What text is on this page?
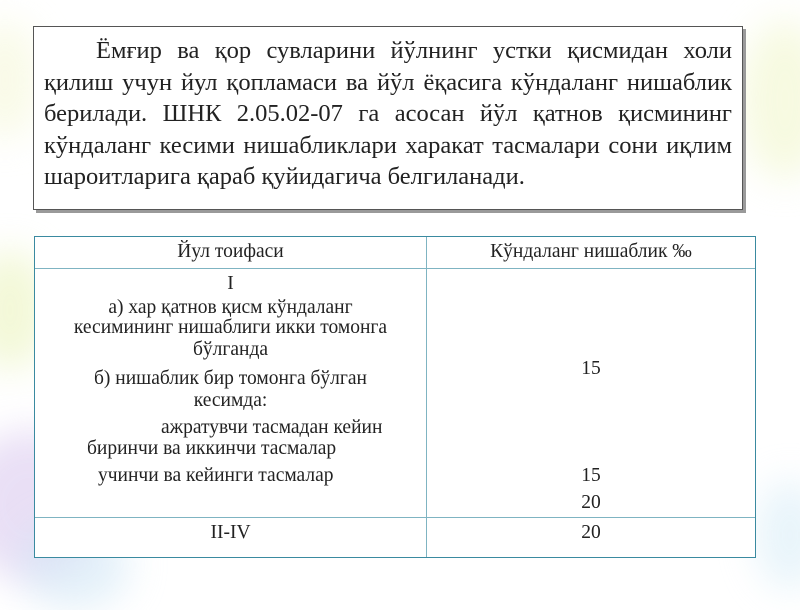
Ёмғир ва қор сувларини йўлнинг устки қисмидан холи қилиш учун йул қопламаси ва йўл ёқасига кўндаланг нишаблик берилади. ШНК 2.05.02-07 га асосан йўл қатнов қисмининг кўндаланг кесими нишабликлари харакат тасмалари сони иқлим шароитларига қараб қуйидагича белгиланади.
Йул тоифаси	Кўндаланг нишаблик ‰
I
а) хар қатнов қисм кўндаланг
кесимининг нишаблиги икки томонга
бўлганда
б) нишаблик бир томонга бўлган
кесимда:
ажратувчи тасмадан кейин
биринчи ва иккинчи тасмалар
учинчи ва кейинги тасмалар
15
15
20
II-IV	20
